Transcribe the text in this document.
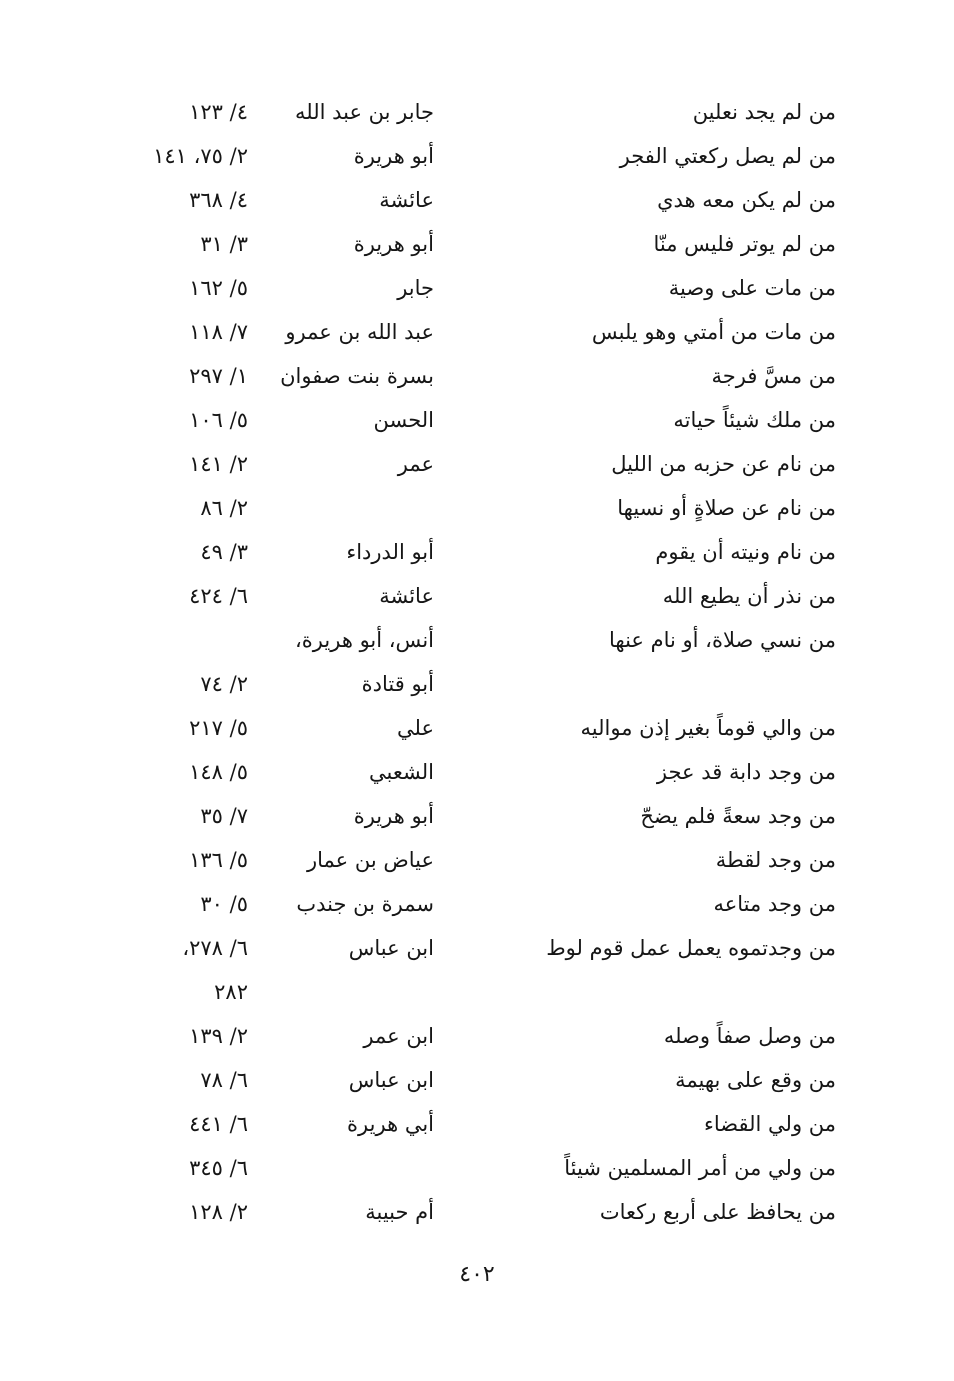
من لم يجد نعلين
جابر بن عبد الله
٤/ ١٢٣
من لم يصل ركعتي الفجر
أبو هريرة
٢/ ٧٥، ١٤١
من لم يكن معه هدي
عائشة
٤/ ٣٦٨
من لم يوتر فليس منّا
أبو هريرة
٣/ ٣١
من مات على وصية
جابر
٥/ ١٦٢
من مات من أمتي وهو يلبس
عبد الله بن عمرو
٧/ ١١٨
من مسَّ فرجة
بسرة بنت صفوان
١/ ٢٩٧
من ملك شيئاً حياته
الحسن
٥/ ١٠٦
من نام عن حزبه من الليل
عمر
٢/ ١٤١
من نام عن صلاةٍ أو نسيها
٢/ ٨٦
من نام ونيته أن يقوم
أبو الدرداء
٣/ ٤٩
من نذر أن يطيع الله
عائشة
٦/ ٤٢٤
من نسي صلاة، أو نام عنها
أنس، أبو هريرة،
أبو قتادة
٢/ ٧٤
من والي قوماً بغير إذن مواليه
علي
٥/ ٢١٧
من وجد دابة قد عجز
الشعبي
٥/ ١٤٨
من وجد سعةً فلم يضحّ
أبو هريرة
٧/ ٣٥
من وجد لقطة
عياض بن عمار
٥/ ١٣٦
من وجد متاعه
سمرة بن جندب
٥/ ٣٠
من وجدتموه يعمل عمل قوم لوط
ابن عباس
٦/ ٢٧٨،
٢٨٢
من وصل صفاً وصله
ابن عمر
٢/ ١٣٩
من وقع على بهيمة
ابن عباس
٦/ ٧٨
من ولي القضاء
أبي هريرة
٦/ ٤٤١
من ولي من أمر المسلمين شيئاً
٦/ ٣٤٥
من يحافظ على أربع ركعات
أم حبيبة
٢/ ١٢٨
٤٠٢
